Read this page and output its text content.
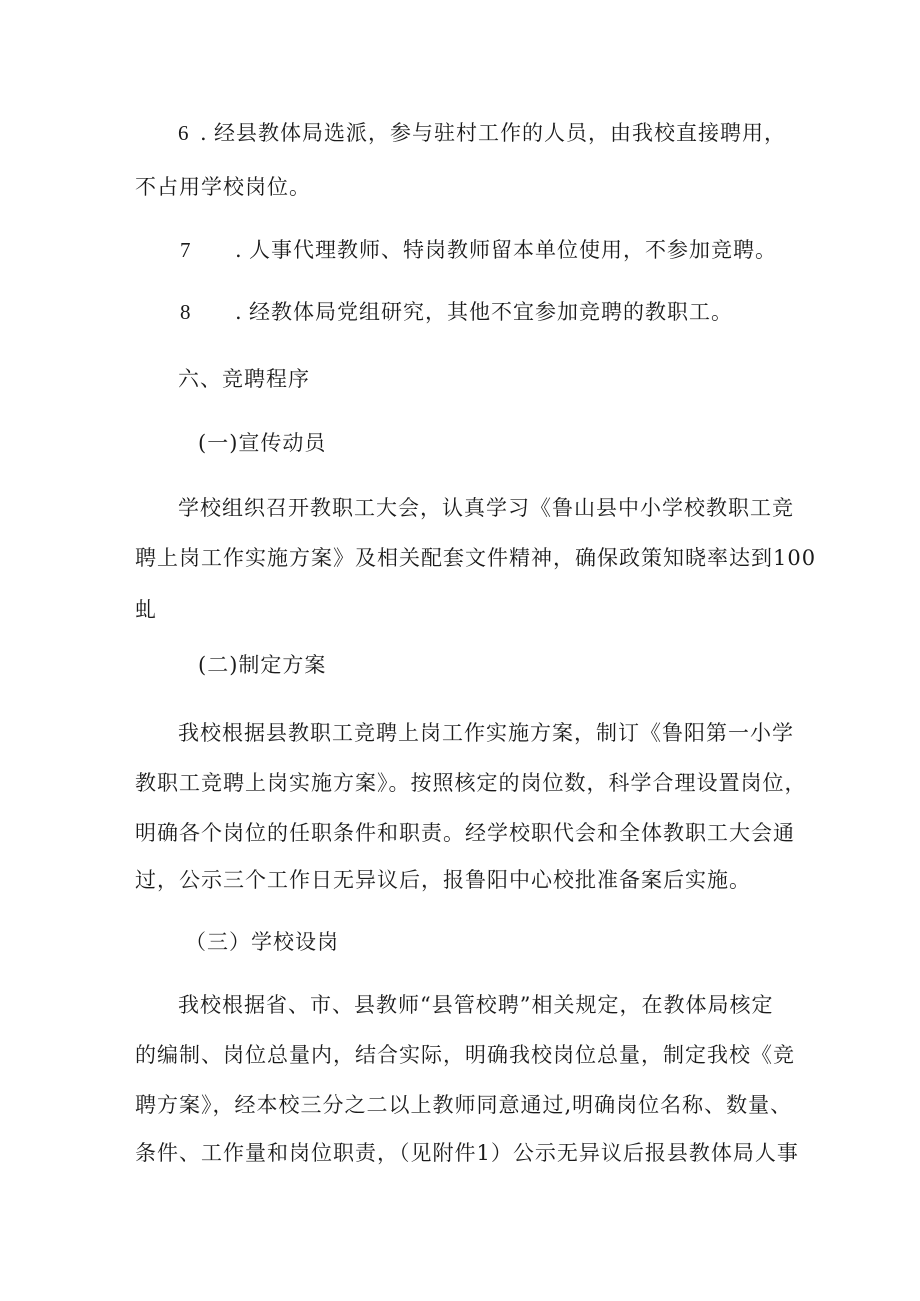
6 . 经县教体局选派，参与驻村工作的人员，由我校直接聘用，
不占用学校岗位。
7 . 人事代理教师、特岗教师留本单位使用，不参加竞聘。
8 . 经教体局党组研究，其他不宜参加竞聘的教职工。
六、竞聘程序
(一)宣传动员
学校组织召开教职工大会，认真学习《鲁山县中小学校教职工竞
聘上岗工作实施方案》及相关配套文件精神，确保政策知晓率达到100
虬
(二)制定方案
我校根据县教职工竞聘上岗工作实施方案，制订《鲁阳第一小学
教职工竞聘上岗实施方案》。按照核定的岗位数，科学合理设置岗位，
明确各个岗位的任职条件和职责。经学校职代会和全体教职工大会通
过，公示三个工作日无异议后，报鲁阳中心校批准备案后实施。
（三）学校设岗
我校根据省、市、县教师“县管校聘”相关规定，在教体局核定
的编制、岗位总量内，结合实际，明确我校岗位总量，制定我校《竞
聘方案》，经本校三分之二以上教师同意通过,明确岗位名称、数量、
条件、工作量和岗位职责，（见附件1）公示无异议后报县教体局人事
